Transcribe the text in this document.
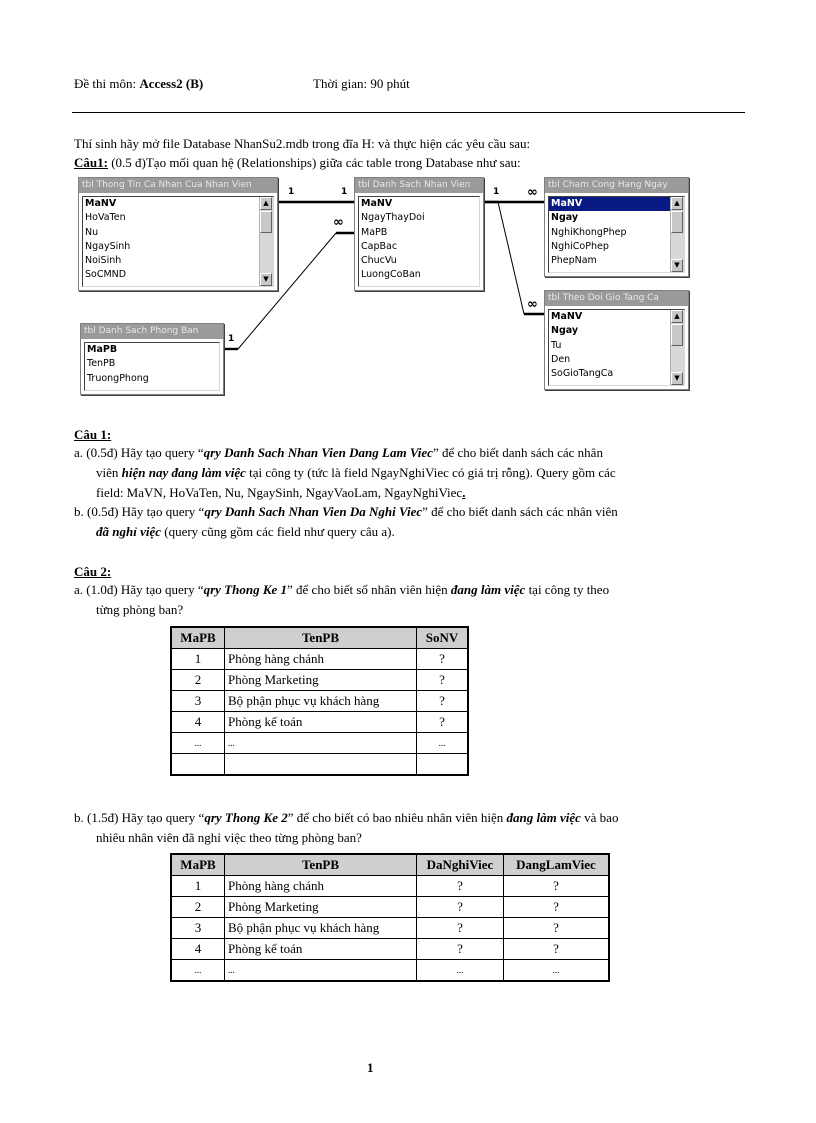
Đề thi môn: Access2 (B)	Thời gian: 90 phút
Thí sinh hãy mở file Database NhanSu2.mdb trong đĩa H: và thực hiện các yêu cầu sau:
Câu1: (0.5 đ)Tạo mối quan hệ (Relationships) giữa các table trong Database như sau:
1	1	1 ∞
∞
∞
1
tbl Thong Tin Ca Nhan Cua Nhan Vien
MaNV
HoVaTen
Nu
NgaySinh
NoiSinh
SoCMND
▲
▼
tbl Danh Sach Nhan Vien
MaNV
NgayThayDoi
MaPB
CapBac
ChucVu
LuongCoBan
tbl Cham Cong Hang Ngay
MaNV
Ngay
NghiKhongPhep
NghiCoPhep
PhepNam
▲
▼
tbl Theo Doi Gio Tang Ca
MaNV
Ngay
Tu
Den
SoGioTangCa
▲
▼
tbl Danh Sach Phong Ban
MaPB
TenPB
TruongPhong
Câu 1:
a. (0.5đ) Hãy tạo query “qry Danh Sach Nhan Vien Dang Lam Viec” để cho biết danh sách các nhân
viên hiện nay đang làm việc tại công ty (tức là field NgayNghiViec có giá trị rỗng). Query gồm các
field: MaVN, HoVaTen, Nu, NgaySinh, NgayVaoLam, NgayNghiViec.
b. (0.5đ) Hãy tạo query “qry Danh Sach Nhan Vien Da Nghi Viec” để cho biết danh sách các nhân viên
đã nghỉ việc (query cũng gồm các field như query câu a).
Câu 2:
a. (1.0đ) Hãy tạo query “qry Thong Ke 1” để cho biết số nhân viên hiện đang làm việc tại công ty theo
từng phòng ban?
MaPB	TenPB	SoNV
1	Phòng hàng chánh	?
2	Phòng Marketing	?
3	Bộ phận phục vụ khách hàng	?
4	Phòng kế toán	?
...	...	...

b. (1.5đ) Hãy tạo query “qry Thong Ke 2” để cho biết có bao nhiêu nhân viên hiện đang làm việc và bao
nhiêu nhân viên đã nghỉ việc theo từng phòng ban?
MaPB	TenPB	DaNghiViec	DangLamViec
1	Phòng hàng chánh	?	?
2	Phòng Marketing	?	?
3	Bộ phận phục vụ khách hàng	?	?
4	Phòng kế toán	?	?
...	...	...	...
1
